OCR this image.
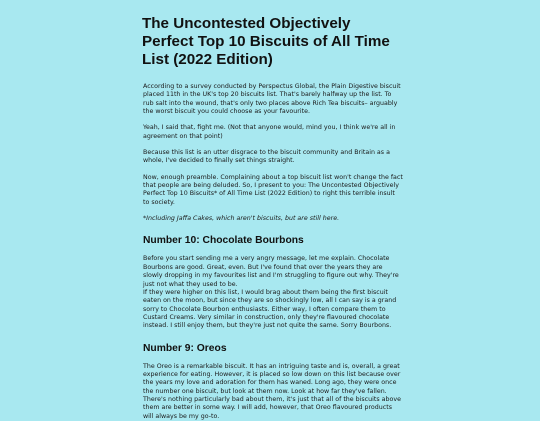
The Uncontested Objectively Perfect Top 10 Biscuits of All Time List (2022 Edition)

According to a survey conducted by Perspectus Global, the Plain Digestive biscuit placed 11th in the UK's top 20 biscuits list. That's barely halfway up the list. To rub salt into the wound, that's only two places above Rich Tea biscuits– arguably the worst biscuit you could choose as your favourite.

Yeah, I said that, fight me. (Not that anyone would, mind you, I think we're all in agreement on that point)

Because this list is an utter disgrace to the biscuit community and Britain as a whole, I've decided to finally set things straight.

Now, enough preamble. Complaining about a top biscuit list won't change the fact that people are being deluded. So, I present to you: The Uncontested Objectively Perfect Top 10 Biscuits* of All Time List (2022 Edition) to right this terrible insult to society.

*Including Jaffa Cakes, which aren't biscuits, but are still here.

Number 10: Chocolate Bourbons

Before you start sending me a very angry message, let me explain. Chocolate Bourbons are good. Great, even. But I've found that over the years they are slowly dropping in my favourites list and I'm struggling to figure out why. They're just not what they used to be.

If they were higher on this list, I would brag about them being the first biscuit eaten on the moon, but since they are so shockingly low, all I can say is a grand sorry to Chocolate Bourbon enthusiasts. Either way, I often compare them to Custard Creams. Very similar in construction, only they're flavoured chocolate instead. I still enjoy them, but they're just not quite the same. Sorry Bourbons.

Number 9: Oreos

The Oreo is a remarkable biscuit. It has an intriguing taste and is, overall, a great experience for eating. However, it is placed so low down on this list because over the years my love and adoration for them has waned. Long ago, they were once the number one biscuit, but look at them now. Look at how far they've fallen. There's nothing particularly bad about them, it's just that all of the biscuits above them are better in some way. I will add, however, that Oreo flavoured products will always be my go-to.
